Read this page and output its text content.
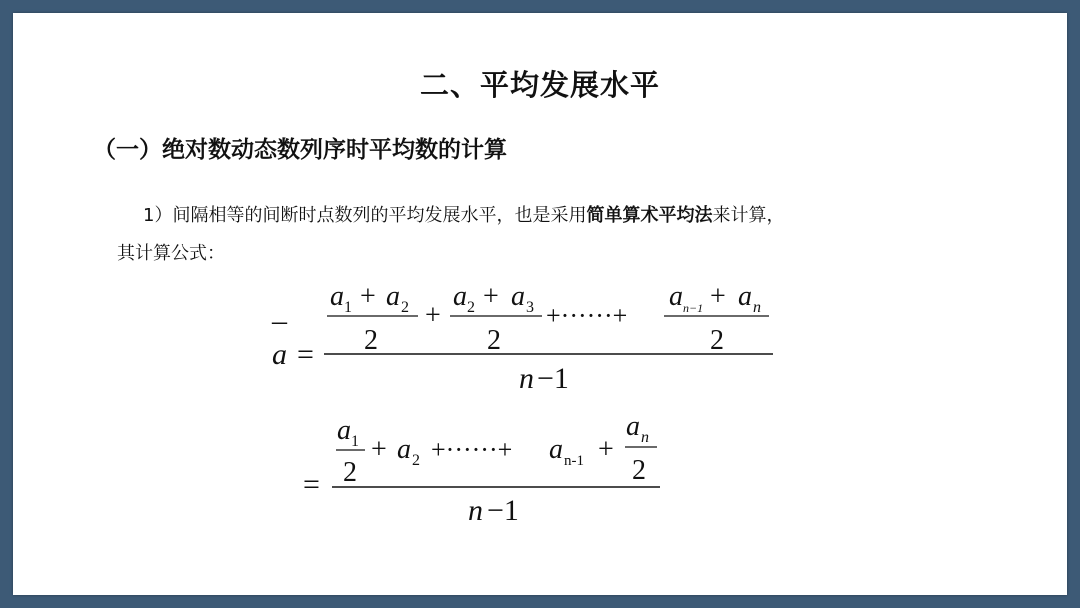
二、平均发展水平
（一）绝对数动态数列序时平均数的计算
1）间隔相等的间断时点数列的平均发展水平，也是采用简单算术平均法来计算，
其计算公式：
–
a =
a 1 + a 2
2
+
a 2 + a 3
2
+······+
a n−1 + a n
2
n −1
=
a 1
2
+ a 2 +······+ a n-1 +
a n
2
n −1
